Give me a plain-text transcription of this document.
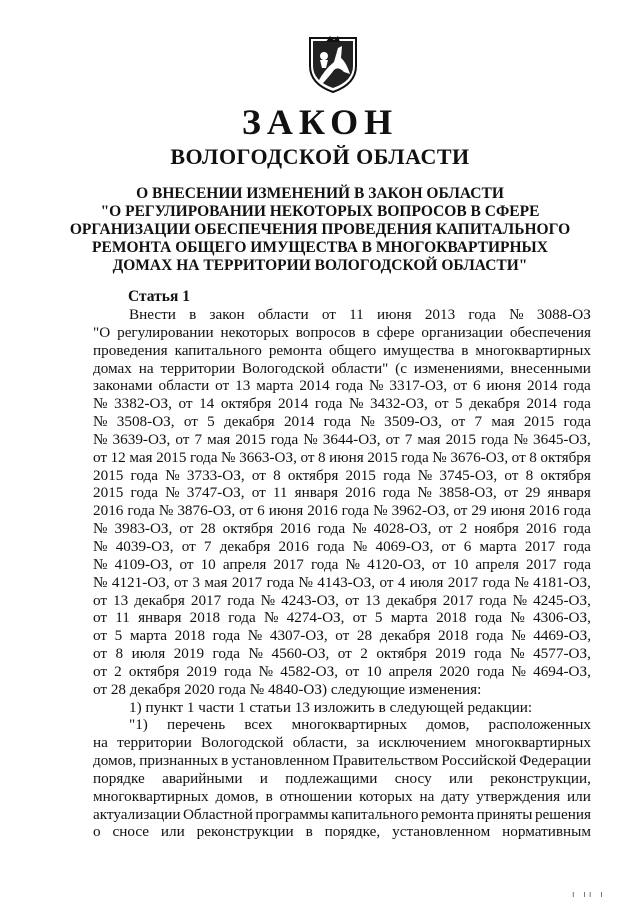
ЗАКОН
ВОЛОГОДСКОЙ ОБЛАСТИ
О ВНЕСЕНИИ ИЗМЕНЕНИЙ В ЗАКОН ОБЛАСТИ
"О РЕГУЛИРОВАНИИ НЕКОТОРЫХ ВОПРОСОВ В СФЕРЕ
ОРГАНИЗАЦИИ ОБЕСПЕЧЕНИЯ ПРОВЕДЕНИЯ КАПИТАЛЬНОГО
РЕМОНТА ОБЩЕГО ИМУЩЕСТВА В МНОГОКВАРТИРНЫХ
ДОМАХ НА ТЕРРИТОРИИ ВОЛОГОДСКОЙ ОБЛАСТИ"
Статья 1
Внести в закон области от 11 июня 2013 года № 3088-ОЗ
"О регулировании некоторых вопросов в сфере организации обеспечения
проведения капитального ремонта общего имущества в многоквартирных
домах на территории Вологодской области" (с изменениями, внесенными
законами области от 13 марта 2014 года № 3317-ОЗ, от 6 июня 2014 года
№ 3382-ОЗ, от 14 октября 2014 года № 3432-ОЗ, от 5 декабря 2014 года
№ 3508-ОЗ, от 5 декабря 2014 года № 3509-ОЗ, от 7 мая 2015 года
№ 3639-ОЗ, от 7 мая 2015 года № 3644-ОЗ, от 7 мая 2015 года № 3645-ОЗ,
от 12 мая 2015 года № 3663-ОЗ, от 8 июня 2015 года № 3676-ОЗ, от 8 октября
2015 года № 3733-ОЗ, от 8 октября 2015 года № 3745-ОЗ, от 8 октября
2015 года № 3747-ОЗ, от 11 января 2016 года № 3858-ОЗ, от 29 января
2016 года № 3876-ОЗ, от 6 июня 2016 года № 3962-ОЗ, от 29 июня 2016 года
№ 3983-ОЗ, от 28 октября 2016 года № 4028-ОЗ, от 2 ноября 2016 года
№ 4039-ОЗ, от 7 декабря 2016 года № 4069-ОЗ, от 6 марта 2017 года
№ 4109-ОЗ, от 10 апреля 2017 года № 4120-ОЗ, от 10 апреля 2017 года
№ 4121-ОЗ, от 3 мая 2017 года № 4143-ОЗ, от 4 июля 2017 года № 4181-ОЗ,
от 13 декабря 2017 года № 4243-ОЗ, от 13 декабря 2017 года № 4245-ОЗ,
от 11 января 2018 года № 4274-ОЗ, от 5 марта 2018 года № 4306-ОЗ,
от 5 марта 2018 года № 4307-ОЗ, от 28 декабря 2018 года № 4469-ОЗ,
от 8 июля 2019 года № 4560-ОЗ, от 2 октября 2019 года № 4577-ОЗ,
от 2 октября 2019 года № 4582-ОЗ, от 10 апреля 2020 года № 4694-ОЗ,
от 28 декабря 2020 года № 4840-ОЗ) следующие изменения:
1) пункт 1 части 1 статьи 13 изложить в следующей редакции:
"1) перечень всех многоквартирных домов, расположенных
на территории Вологодской области, за исключением многоквартирных
домов, признанных в установленном Правительством Российской Федерации
порядке аварийными и подлежащими сносу или реконструкции,
многоквартирных домов, в отношении которых на дату утверждения или
актуализации Областной программы капитального ремонта приняты решения
о сносе или реконструкции в порядке, установленном нормативным
ı ıı ı
